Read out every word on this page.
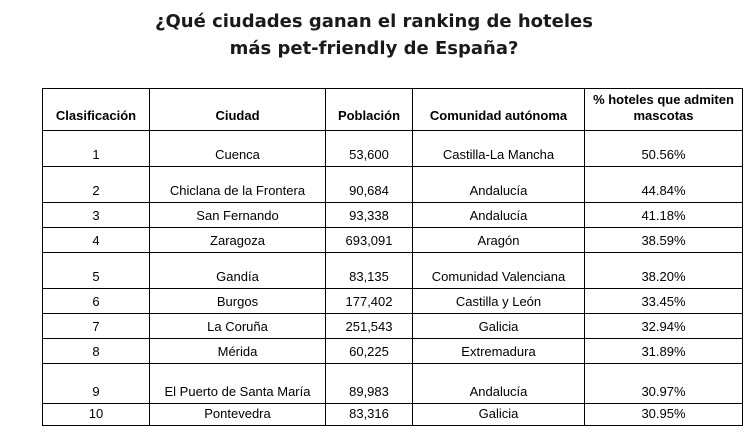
¿Qué ciudades ganan el ranking de hoteles
más pet-friendly de España?
Clasificación	Ciudad	Población	Comunidad autónoma	% hoteles que admiten mascotas
1	Cuenca	53,600	Castilla-La Mancha	50.56%
2	Chiclana de la Frontera	90,684	Andalucía	44.84%
3	San Fernando	93,338	Andalucía	41.18%
4	Zaragoza	693,091	Aragón	38.59%
5	Gandía	83,135	Comunidad Valenciana	38.20%
6	Burgos	177,402	Castilla y León	33.45%
7	La Coruña	251,543	Galicia	32.94%
8	Mérida	60,225	Extremadura	31.89%
9	El Puerto de Santa María	89,983	Andalucía	30.97%
10	Pontevedra	83,316	Galicia	30.95%
